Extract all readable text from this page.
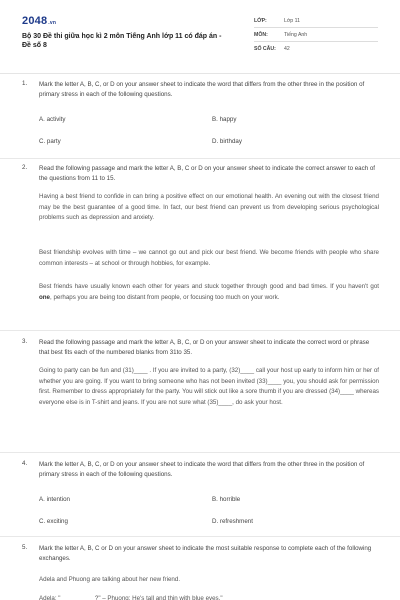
2048.vn
Bộ 30 Đề thi giữa học kì 2 môn Tiếng Anh lớp 11 có đáp án - Đề số 8
LỚP:	Lớp 11
MÔN:	Tiếng Anh
SỐ CÂU: 42
1. Mark the letter A, B, C, or D on your answer sheet to indicate the word that differs from the other three in the position of primary stress in each of the following questions.
A. activity	B. happy
C. party	D. birthday
2. Read the following passage and mark the letter A, B, C or D on your answer sheet to indicate the correct answer to each of the questions from 11 to 15.
Having a best friend to confide in can bring a positive effect on our emotional health. An evening out with the closest friend may be the best guarantee of a good time. In fact, our best friend can prevent us from developing serious psychological problems such as depression and anxiety.
Best friendship evolves with time – we cannot go out and pick our best friend. We become friends with people who share common interests – at school or through hobbies, for example.
Best friends have usually known each other for years and stuck together through good and bad times. If you haven't got one, perhaps you are being too distant from people, or focusing too much on your work.
3. Read the following passage and mark the letter A, B, C, or D on your answer sheet to indicate the correct word or phrase that best fits each of the numbered blanks from 31to 35.
Going to party can be fun and (31)____ . If you are invited to a party, (32)____ call your host up early to inform him or her of whether you are going. If you want to bring someone who has not been invited (33)____ you, you should ask for permission first. Remember to dress appropriately for the party. You will stick out like a sore thumb if you are dressed (34)____ whereas everyone else is in T-shirt and jeans. If you are not sure what (35)____, do ask your host.
4. Mark the letter A, B, C, or D on your answer sheet to indicate the word that differs from the other three in the position of primary stress in each of the following questions.
A. intention	B. horrible
C. exciting	D. refreshment
5. Mark the letter A, B, C or D on your answer sheet to indicate the most suitable response to complete each of the following exchanges.
Adela and Phuong are talking about her new friend.
Adela: "__________?" – Phuong: He's tall and thin with blue eyes."
